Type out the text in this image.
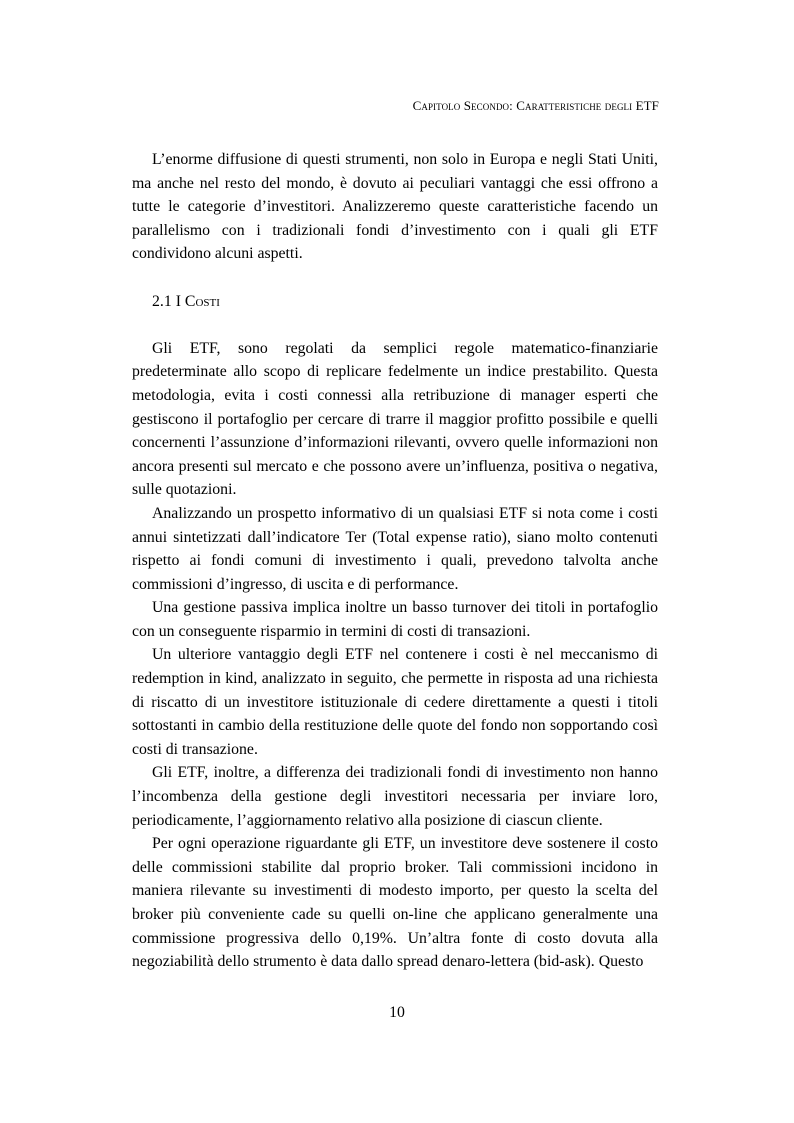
Capitolo Secondo: Caratteristiche degli ETF

L’enorme diffusione di questi strumenti, non solo in Europa e negli Stati Uniti, ma anche nel resto del mondo, è dovuto ai peculiari vantaggi che essi offrono a tutte le categorie d’investitori. Analizzeremo queste caratteristiche facendo un parallelismo con i tradizionali fondi d’investimento con i quali gli ETF condividono alcuni aspetti.

2.1 I Costi

Gli ETF, sono regolati da semplici regole matematico-finanziarie predeterminate allo scopo di replicare fedelmente un indice prestabilito. Questa metodologia, evita i costi connessi alla retribuzione di manager esperti che gestiscono il portafoglio per cercare di trarre il maggior profitto possibile e quelli concernenti l’assunzione d’informazioni rilevanti, ovvero quelle informazioni non ancora presenti sul mercato e che possono avere un’influenza, positiva o negativa, sulle quotazioni.

Analizzando un prospetto informativo di un qualsiasi ETF si nota come i costi annui sintetizzati dall’indicatore Ter (Total expense ratio), siano molto contenuti rispetto ai fondi comuni di investimento i quali, prevedono talvolta anche commissioni d’ingresso, di uscita e di performance.

Una gestione passiva implica inoltre un basso turnover dei titoli in portafoglio con un conseguente risparmio in termini di costi di transazioni.

Un ulteriore vantaggio degli ETF nel contenere i costi è nel meccanismo di redemption in kind, analizzato in seguito, che permette in risposta ad una richiesta di riscatto di un investitore istituzionale di cedere direttamente a questi i titoli sottostanti in cambio della restituzione delle quote del fondo non sopportando così costi di transazione.

Gli ETF, inoltre, a differenza dei tradizionali fondi di investimento non hanno l’incombenza della gestione degli investitori necessaria per inviare loro, periodicamente, l’aggiornamento relativo alla posizione di ciascun cliente.

Per ogni operazione riguardante gli ETF, un investitore deve sostenere il costo delle commissioni stabilite dal proprio broker. Tali commissioni incidono in maniera rilevante su investimenti di modesto importo, per questo la scelta del broker più conveniente cade su quelli on-line che applicano generalmente una commissione progressiva dello 0,19%. Un’altra fonte di costo dovuta alla negoziabilità dello strumento è data dallo spread denaro-lettera (bid-ask). Questo

10
